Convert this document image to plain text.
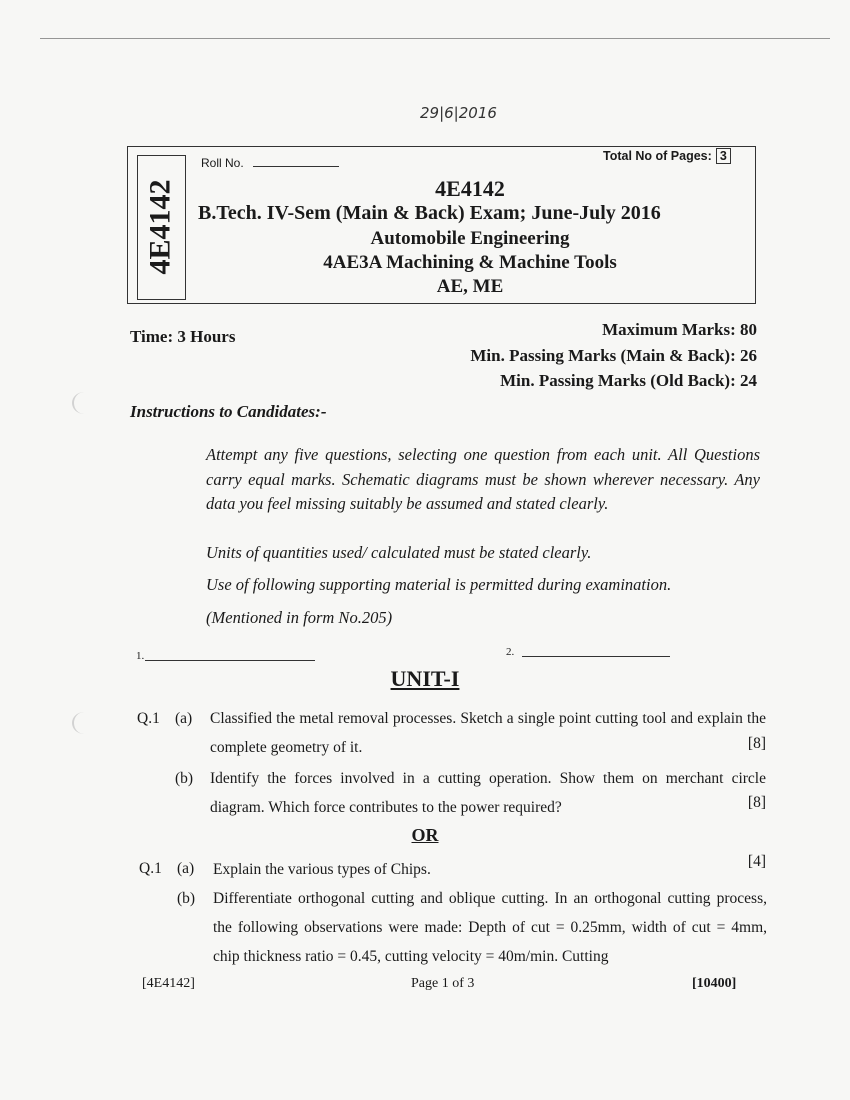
29|6|2016
4E4142
Roll No.	Total No of Pages: 3
4E4142
B.Tech. IV-Sem (Main & Back) Exam; June-July 2016
Automobile Engineering
4AE3A Machining & Machine Tools
AE, ME
Time: 3 Hours	Maximum Marks: 80
Min. Passing Marks (Main & Back): 26
Min. Passing Marks (Old Back): 24
Instructions to Candidates:-
Attempt any five questions, selecting one question from each unit. All Questions carry equal marks. Schematic diagrams must be shown wherever necessary. Any data you feel missing suitably be assumed and stated clearly.
Units of quantities used/ calculated must be stated clearly.
Use of following supporting material is permitted during examination.
(Mentioned in form No.205)
1.	2.
UNIT-I
Q.1 (a) Classified the metal removal processes. Sketch a single point cutting tool and explain the complete geometry of it.	[8]
(b) Identify the forces involved in a cutting operation. Show them on merchant circle diagram. Which force contributes to the power required?	[8]
OR
Q.1 (a) Explain the various types of Chips.	[4]
(b) Differentiate orthogonal cutting and oblique cutting. In an orthogonal cutting process, the following observations were made: Depth of cut = 0.25mm, width of cut = 4mm, chip thickness ratio = 0.45, cutting velocity = 40m/min. Cutting
[4E4142]	Page 1 of 3	[10400]
